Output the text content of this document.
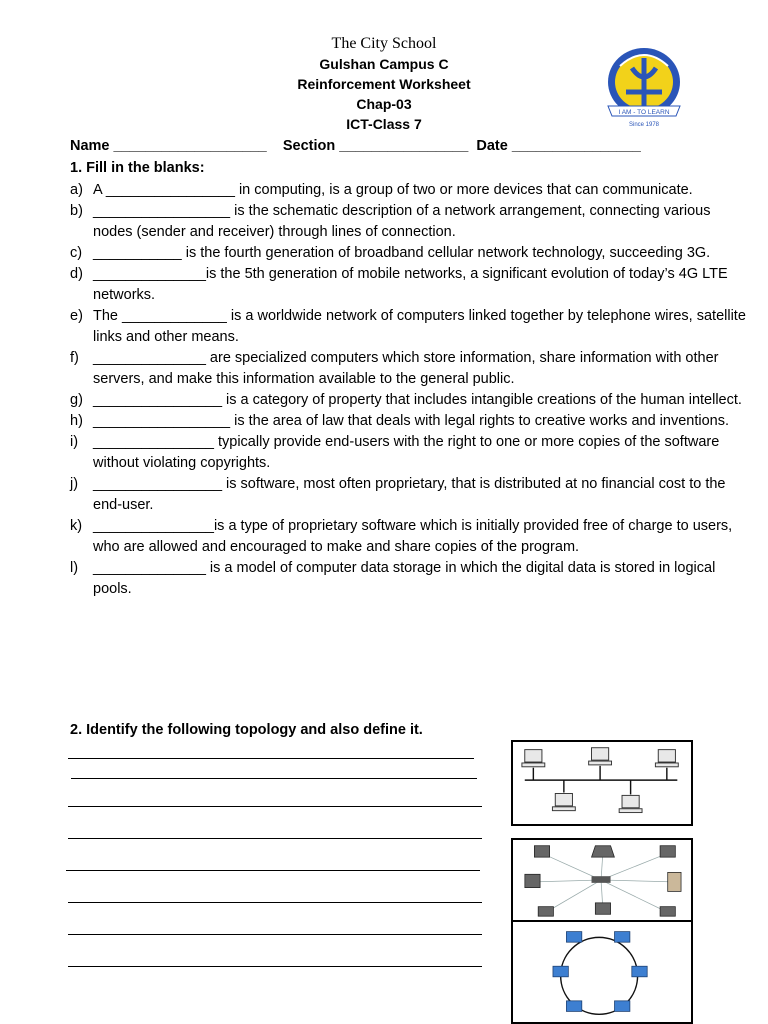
The City School
Gulshan Campus C
Reinforcement Worksheet
Chap-03
ICT-Class 7
I AM - TO LEARN
Since 1978
Name ___________________ Section ________________ Date ________________
1. Fill in the blanks:
a) A ________________ in computing, is a group of two or more devices that can communicate.
b) _________________ is the schematic description of a network arrangement, connecting various nodes (sender and receiver) through lines of connection.
c) ___________ is the fourth generation of broadband cellular network technology, succeeding 3G.
d) ______________is the 5th generation of mobile networks, a significant evolution of today’s 4G LTE networks.
e) The _____________ is a worldwide network of computers linked together by telephone wires, satellite links and other means.
f) ______________ are specialized computers which store information, share information with other servers, and make this information available to the general public.
g) ________________ is a category of property that includes intangible creations of the human intellect.
h) _________________ is the area of law that deals with legal rights to creative works and inventions.
i)	_______________ typically provide end-users with the right to one or more copies of the software without violating copyrights.
j)	________________ is software, most often proprietary, that is distributed at no financial cost to the end-user.
k) _______________is a type of proprietary software which is initially provided free of charge to users, who are allowed and encouraged to make and share copies of the program.
l)	______________ is a model of computer data storage in which the digital data is stored in logical pools.
2. Identify the following topology and also define it.
